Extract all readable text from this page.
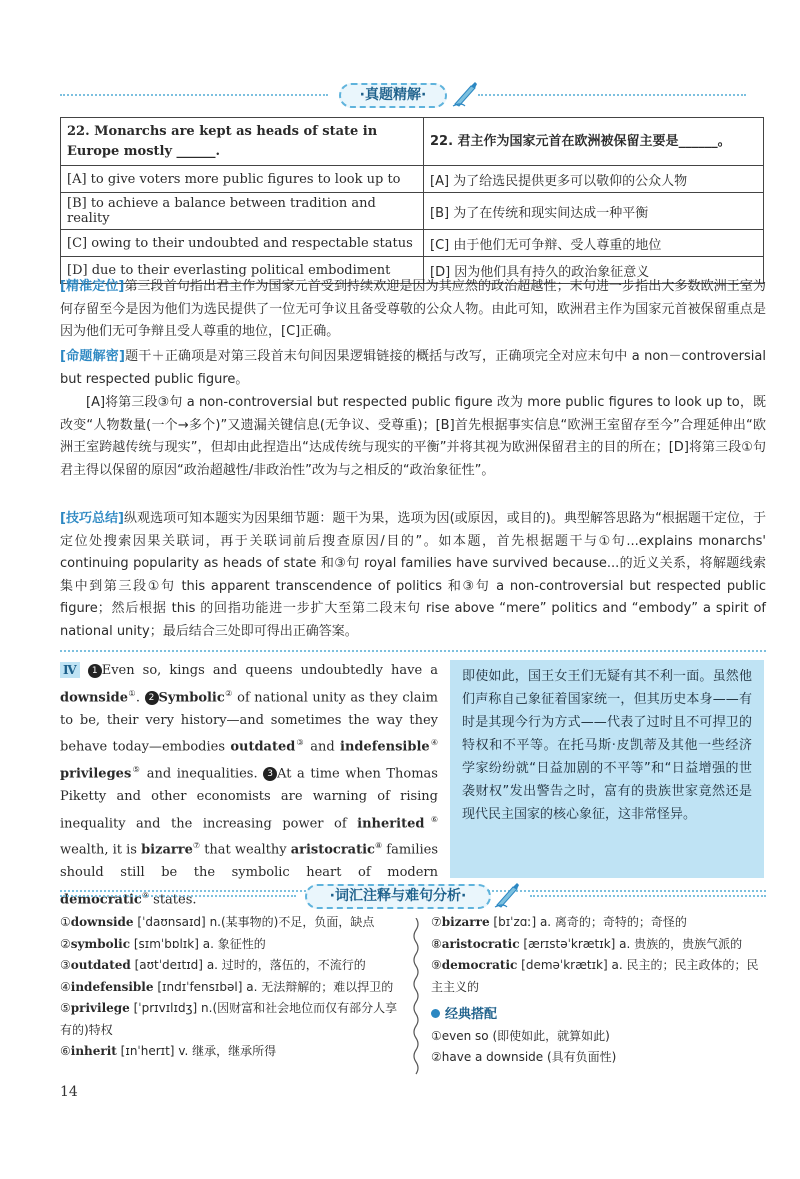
·真题精解·
22. Monarchs are kept as heads of state in Europe mostly ______.	22. 君主作为国家元首在欧洲被保留主要是______。
[A] to give voters more public figures to look up to	[A] 为了给选民提供更多可以敬仰的公众人物
[B] to achieve a balance between tradition and reality	[B] 为了在传统和现实间达成一种平衡
[C] owing to their undoubted and respectable status	[C] 由于他们无可争辩、受人尊重的地位
[D] due to their everlasting political embodiment	[D] 因为他们具有持久的政治象征意义
[精准定位]第三段首句指出君主作为国家元首受到持续欢迎是因为其应然的政治超越性；末句进一步指出大多数欧洲王室为何存留至今是因为他们为选民提供了一位无可争议且备受尊敬的公众人物。由此可知，欧洲君主作为国家元首被保留重点是因为他们无可争辩且受人尊重的地位，[C]正确。
[命题解密]题干＋正确项是对第三段首末句间因果逻辑链接的概括与改写，正确项完全对应末句中 a non－controversial but respected public figure。
[A]将第三段③句 a non-controversial but respected public figure 改为 more public figures to look up to，既改变“人物数量(一个→多个)”又遗漏关键信息(无争议、受尊重)；[B]首先根据事实信息“欧洲王室留存至今”合理延伸出“欧洲王室跨越传统与现实”，但却由此捏造出“达成传统与现实的平衡”并将其视为欧洲保留君主的目的所在；[D]将第三段①句君主得以保留的原因“政治超越性/非政治性”改为与之相反的“政治象征性”。
[技巧总结]纵观选项可知本题实为因果细节题：题干为果，选项为因(或原因，或目的)。典型解答思路为“根据题干定位，于定位处搜索因果关联词，再于关联词前后搜查原因/目的”。如本题，首先根据题干与①句...explains monarchs' continuing popularity as heads of state 和③句 royal families have survived because...的近义关系，将解题线索集中到第三段①句 this apparent transcendence of politics 和③句 a non-controversial but respected public figure；然后根据 this 的回指功能进一步扩大至第二段末句 rise above “mere” politics and “embody” a spirit of national unity；最后结合三处即可得出正确答案。
Ⅳ 1 Even so, kings and queens undoubtedly have a downside①. 2 Symbolic② of national unity as they claim to be, their very history—and sometimes the way they behave today—embodies outdated③ and indefensible④ privileges⑤ and inequalities. 3 At a time when Thomas Piketty and other economists are warning of rising inequality and the increasing power of inherited⑥ wealth, it is bizarre⑦ that wealthy aristocratic⑧ families should still be the symbolic heart of modern democratic⑨ states.
即使如此，国王女王们无疑有其不利一面。虽然他们声称自己象征着国家统一，但其历史本身——有时是其现今行为方式——代表了过时且不可捍卫的特权和不平等。在托马斯·皮凯蒂及其他一些经济学家纷纷就“日益加剧的不平等”和“日益增强的世袭财权”发出警告之时，富有的贵族世家竟然还是现代民主国家的核心象征，这非常怪异。
·词汇注释与难句分析·
①downside [ˈdaʊnsaɪd] n.(某事物的)不足，负面，缺点
②symbolic [sɪmˈbɒlɪk] a. 象征性的
③outdated [aʊtˈdeɪtɪd] a. 过时的，落伍的，不流行的
④indefensible [ɪndɪˈfensɪbəl] a. 无法辩解的；难以捍卫的
⑤privilege [ˈprɪvɪlɪdʒ] n.(因财富和社会地位而仅有部分人享有的)特权
⑥inherit [ɪnˈherɪt] v. 继承，继承所得
⑦bizarre [bɪˈzɑː] a. 离奇的；奇特的；奇怪的
⑧aristocratic [ærɪstəˈkrætɪk] a. 贵族的，贵族气派的
⑨democratic [deməˈkrætɪk] a. 民主的；民主政体的；民主主义的
经典搭配
①even so (即使如此，就算如此)
②have a downside (具有负面性)
14
